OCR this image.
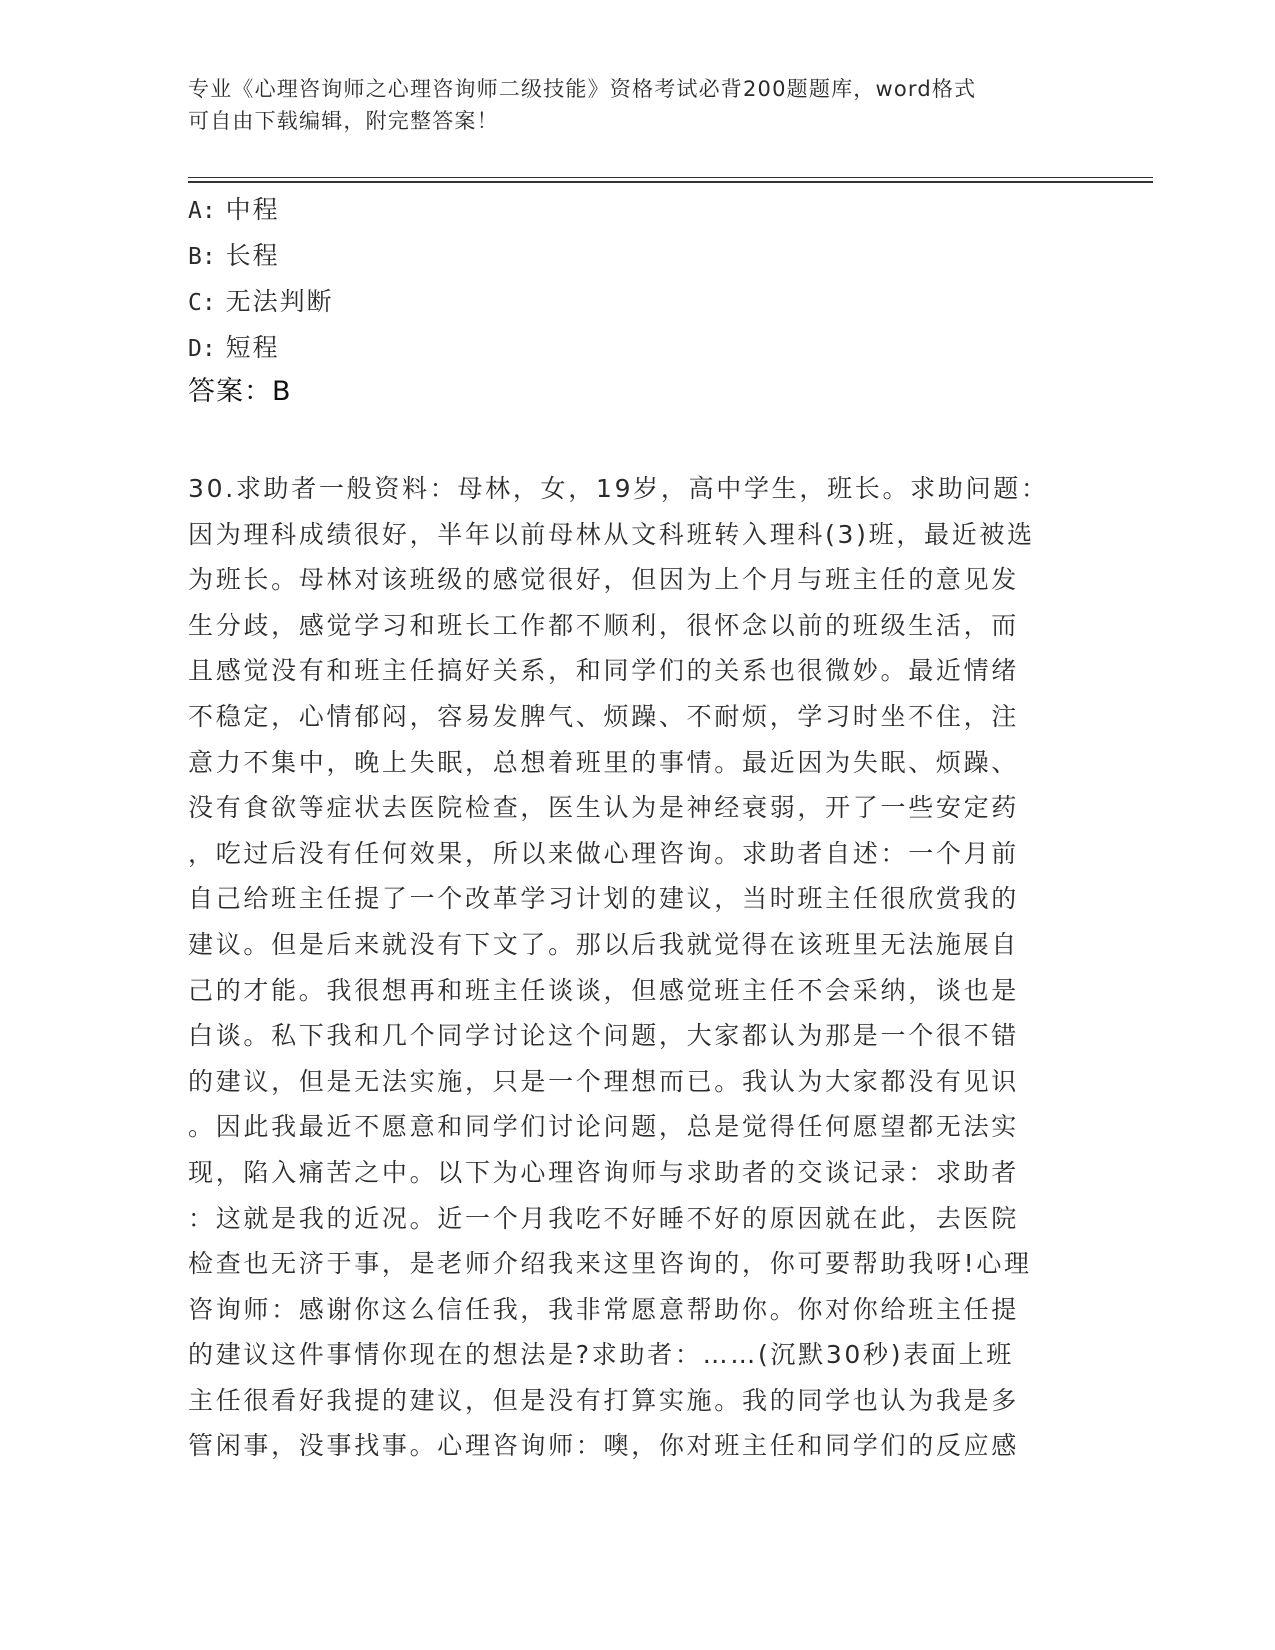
专业《心理咨询师之心理咨询师二级技能》资格考试必背200题题库，word格式
可自由下载编辑，附完整答案！
A: 中程
B: 长程
C: 无法判断
D: 短程
答案：B
30.求助者一般资料：母林，女，19岁，高中学生，班长。求助问题：
因为理科成绩很好，半年以前母林从文科班转入理科(3)班，最近被选
为班长。母林对该班级的感觉很好，但因为上个月与班主任的意见发
生分歧，感觉学习和班长工作都不顺利，很怀念以前的班级生活，而
且感觉没有和班主任搞好关系，和同学们的关系也很微妙。最近情绪
不稳定，心情郁闷，容易发脾气、烦躁、不耐烦，学习时坐不住，注
意力不集中，晚上失眠，总想着班里的事情。最近因为失眠、烦躁、
没有食欲等症状去医院检查，医生认为是神经衰弱，开了一些安定药
，吃过后没有任何效果，所以来做心理咨询。求助者自述：一个月前
自己给班主任提了一个改革学习计划的建议，当时班主任很欣赏我的
建议。但是后来就没有下文了。那以后我就觉得在该班里无法施展自
己的才能。我很想再和班主任谈谈，但感觉班主任不会采纳，谈也是
白谈。私下我和几个同学讨论这个问题，大家都认为那是一个很不错
的建议，但是无法实施，只是一个理想而已。我认为大家都没有见识
。因此我最近不愿意和同学们讨论问题，总是觉得任何愿望都无法实
现，陷入痛苦之中。以下为心理咨询师与求助者的交谈记录：求助者
：这就是我的近况。近一个月我吃不好睡不好的原因就在此，去医院
检查也无济于事，是老师介绍我来这里咨询的，你可要帮助我呀!心理
咨询师：感谢你这么信任我，我非常愿意帮助你。你对你给班主任提
的建议这件事情你现在的想法是?求助者：……(沉默30秒)表面上班
主任很看好我提的建议，但是没有打算实施。我的同学也认为我是多
管闲事，没事找事。心理咨询师：噢，你对班主任和同学们的反应感
